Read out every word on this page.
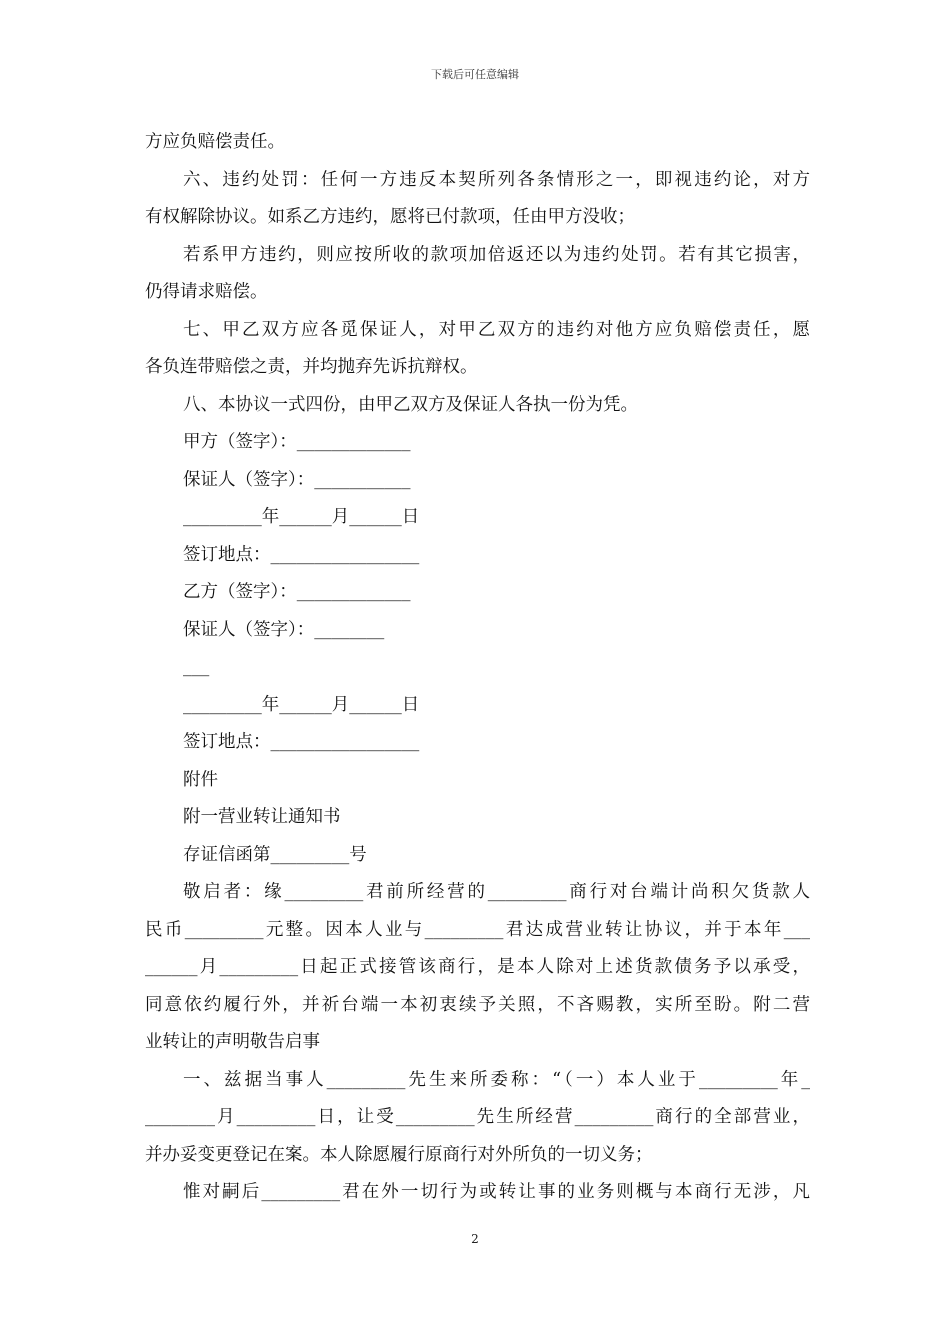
下载后可任意编辑
方应负赔偿责任。
六、违约处罚：任何一方违反本契所列各条情形之一，即视违约论，对方
有权解除协议。如系乙方违约，愿将已付款项，任由甲方没收；
若系甲方违约，则应按所收的款项加倍返还以为违约处罚。若有其它损害，
仍得请求赔偿。
七、甲乙双方应各觅保证人，对甲乙双方的违约对他方应负赔偿责任，愿
各负连带赔偿之责，并均抛弃先诉抗辩权。
八、本协议一式四份，由甲乙双方及保证人各执一份为凭。
甲方（签字）：_____________
保证人（签字）：___________
_________年______月______日
签订地点：_________________
乙方（签字）：_____________
保证人（签字）：________
___
_________年______月______日
签订地点：_________________
附件
附一营业转让通知书
存证信函第_________号
敬启者：缘_________君前所经营的_________商行对台端计尚积欠货款人
民币_________元整。因本人业与_________君达成营业转让协议，并于本年___
______月_________日起正式接管该商行，是本人除对上述货款债务予以承受，
同意依约履行外，并祈台端一本初衷续予关照，不吝赐教，实所至盼。附二营
业转让的声明敬告启事
一、兹据当事人_________先生来所委称：“（一）本人业于_________年_
________月_________日，让受_________先生所经营_________商行的全部营业，
并办妥变更登记在案。本人除愿履行原商行对外所负的一切义务；
惟对嗣后_________君在外一切行为或转让事的业务则概与本商行无涉，凡
2
